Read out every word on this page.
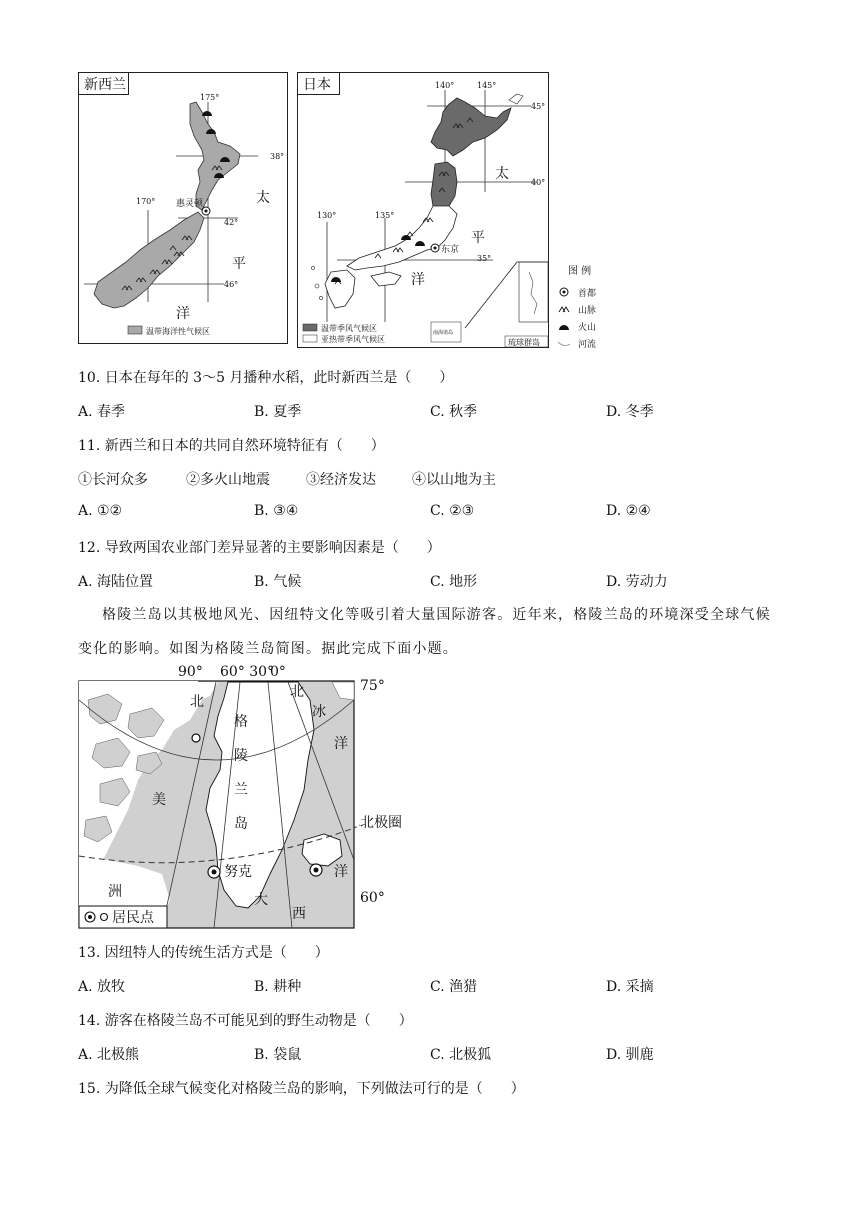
新西兰
惠灵顿
175°
170°
38°
42°
46°
太
平
洋
温带海洋性气候区
日本
东京
140°	145°
130°	135°
45°
40°
35°
太
平
洋
南海诸岛
琉球群岛
温带季风气候区
亚热带季风气候区
图 例
首都
山脉
火山
河流
10. 日本在每年的 3～5 月播种水稻，此时新西兰是（　　）
A. 春季	B. 夏季	C. 秋季	D. 冬季
11. 新西兰和日本的共同自然环境特征有（　　）
①长河众多	②多火山地震	③经济发达	④以山地为主
A. ①②	B. ③④	C. ②③	D. ②④
12. 导致两国农业部门差异显著的主要影响因素是（　　）
A. 海陆位置	B. 气候	C. 地形	D. 劳动力
格陵兰岛以其极地风光、因纽特文化等吸引着大量国际游客。近年来，格陵兰岛的环境深受全球气候变化的影响。如图为格陵兰岛简图。据此完成下面小题。
90° 60° 30°
0°
75°
60°
格
陵
兰
岛
北
美
洲
北
冰
洋
大
西
洋
努克
居民点
北极圈
13. 因纽特人的传统生活方式是（　　）
A. 放牧	B. 耕种	C. 渔猎	D. 采摘
14. 游客在格陵兰岛不可能见到的野生动物是（　　）
A. 北极熊	B. 袋鼠	C. 北极狐	D. 驯鹿
15. 为降低全球气候变化对格陵兰岛的影响，下列做法可行的是（　　）
